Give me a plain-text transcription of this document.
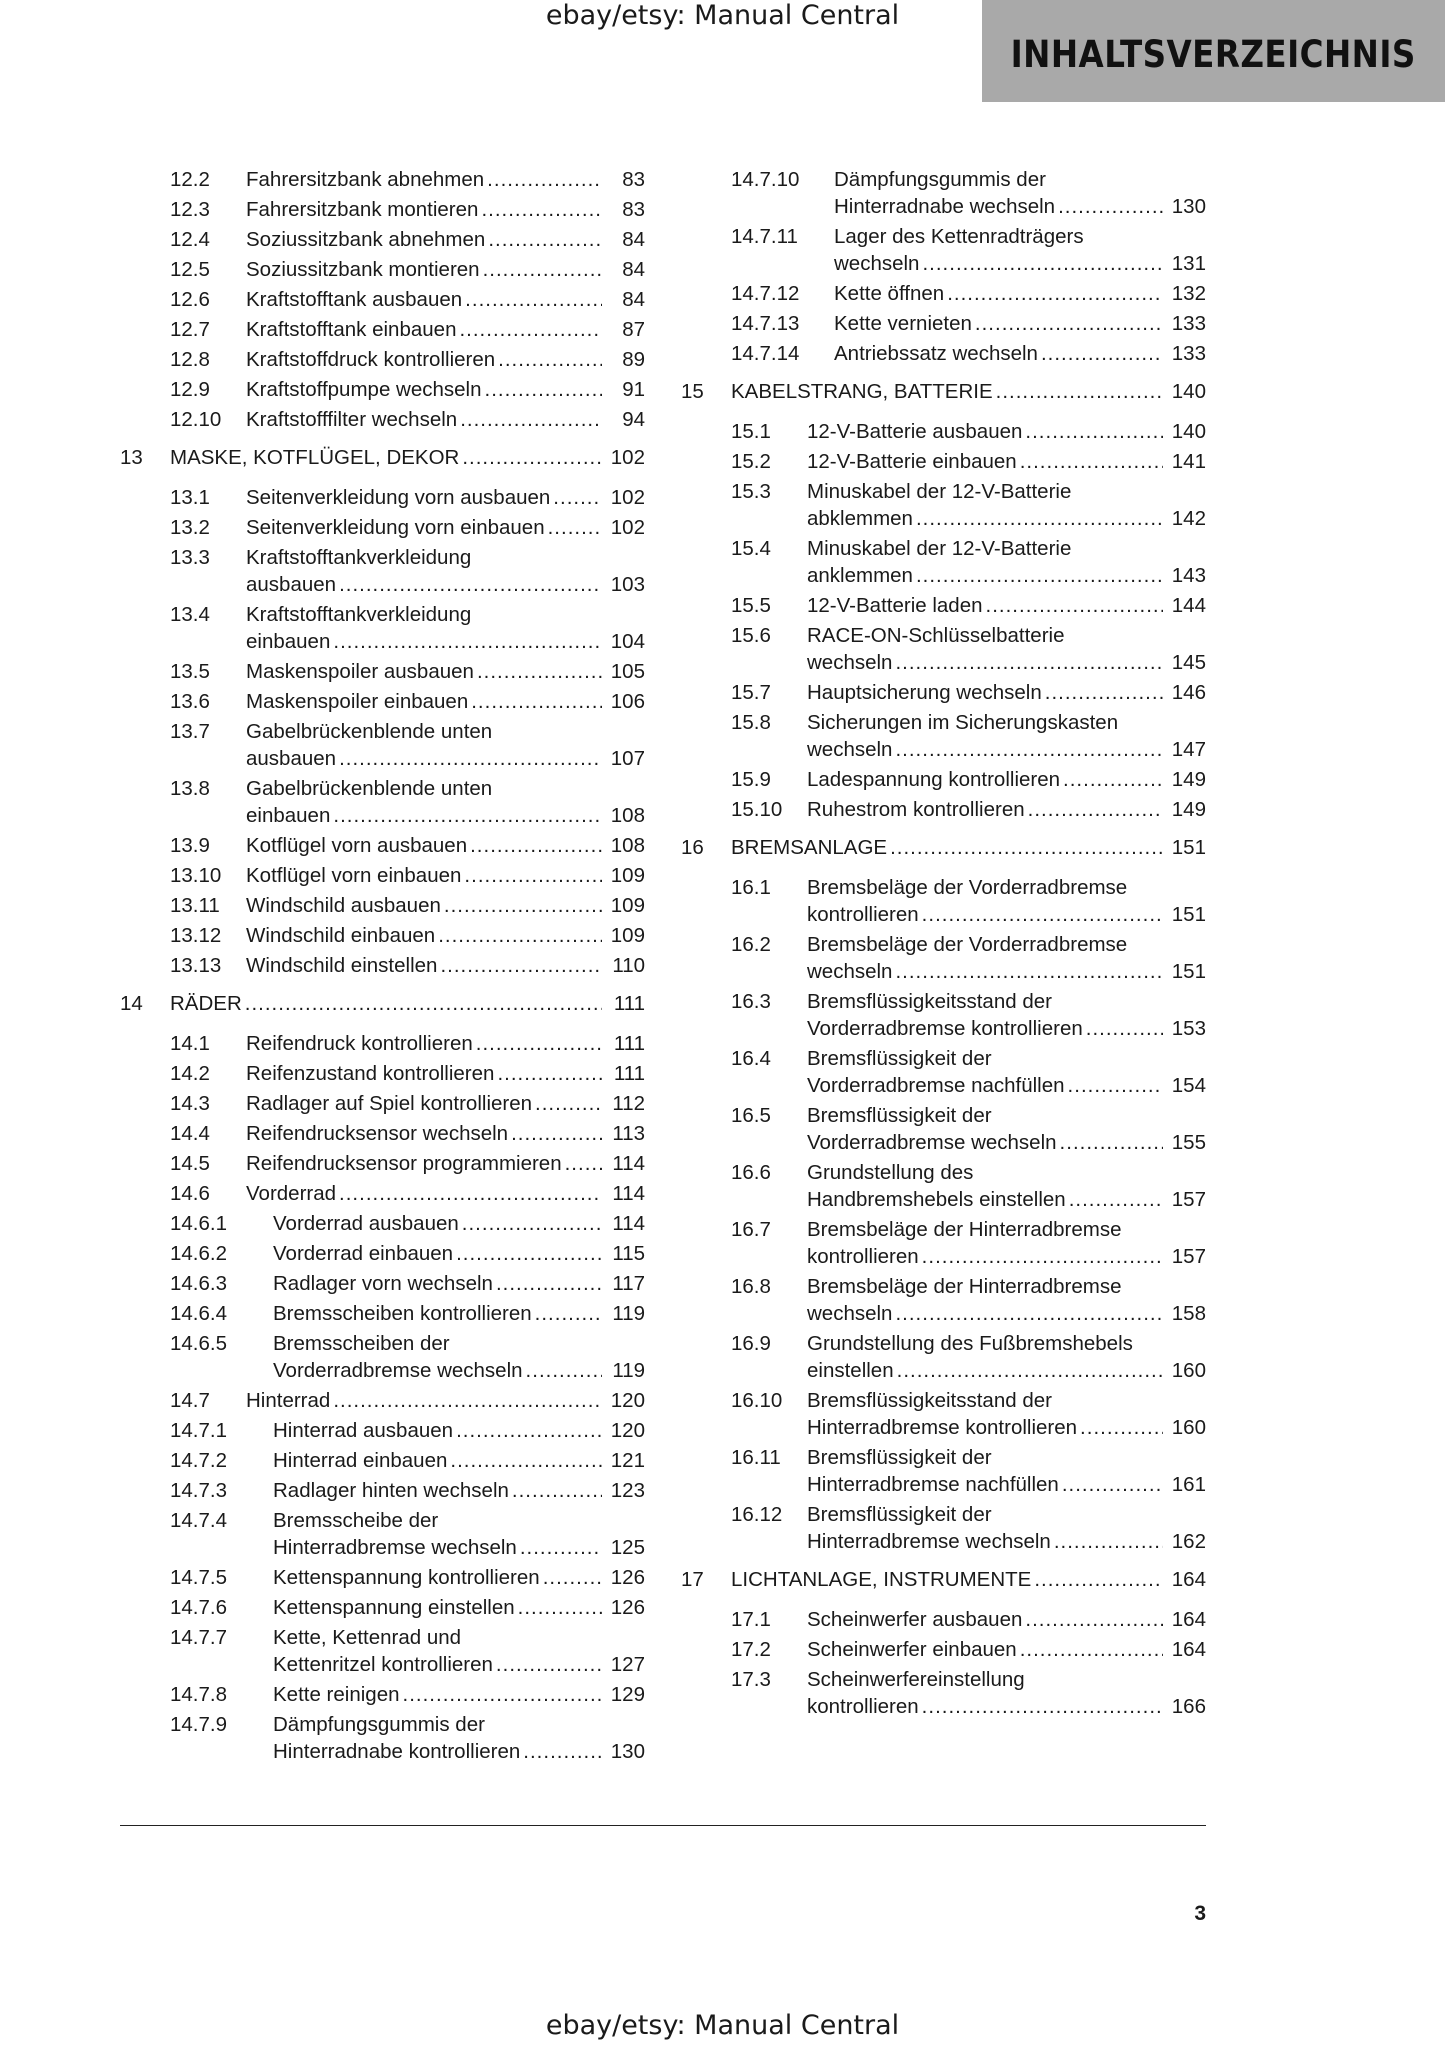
ebay/etsy: Manual Central
INHALTSVERZEICHNIS
12.2	Fahrersitzbank abnehmen .....	83
12.3	Fahrersitzbank montieren .....	83
12.4	Soziussitzbank abnehmen .....	84
12.5	Soziussitzbank montieren .....	84
12.6	Kraftstofftank ausbauen .....	84
12.7	Kraftstofftank einbauen .....	87
12.8	Kraftstoffdruck kontrollieren .....	89
12.9	Kraftstoffpumpe wechseln .....	91
12.10	Kraftstofffilter wechseln .....	94
13	MASKE, KOTFLÜGEL, DEKOR .....	102
13.1	Seitenverkleidung vorn ausbauen .....	102
13.2	Seitenverkleidung vorn einbauen .....	102
13.3	Kraftstofftankverkleidung
ausbauen .....	103
13.4	Kraftstofftankverkleidung
einbauen .....	104
13.5	Maskenspoiler ausbauen .....	105
13.6	Maskenspoiler einbauen .....	106
13.7	Gabelbrückenblende unten
ausbauen .....	107
13.8	Gabelbrückenblende unten
einbauen .....	108
13.9	Kotflügel vorn ausbauen .....	108
13.10	Kotflügel vorn einbauen .....	109
13.11	Windschild ausbauen .....	109
13.12	Windschild einbauen .....	109
13.13	Windschild einstellen .....	110
14	RÄDER .....	111
14.1	Reifendruck kontrollieren .....	111
14.2	Reifenzustand kontrollieren .....	111
14.3	Radlager auf Spiel kontrollieren .....	112
14.4	Reifendrucksensor wechseln .....	113
14.5	Reifendrucksensor programmieren .....	114
14.6	Vorderrad .....	114
14.6.1	Vorderrad ausbauen .....	114
14.6.2	Vorderrad einbauen .....	115
14.6.3	Radlager vorn wechseln .....	117
14.6.4	Bremsscheiben kontrollieren .....	119
14.6.5	Bremsscheiben der
Vorderradbremse wechseln .....	119
14.7	Hinterrad .....	120
14.7.1	Hinterrad ausbauen .....	120
14.7.2	Hinterrad einbauen .....	121
14.7.3	Radlager hinten wechseln .....	123
14.7.4	Bremsscheibe der
Hinterradbremse wechseln .....	125
14.7.5	Kettenspannung kontrollieren .....	126
14.7.6	Kettenspannung einstellen .....	126
14.7.7	Kette, Kettenrad und
Kettenritzel kontrollieren .....	127
14.7.8	Kette reinigen .....	129
14.7.9	Dämpfungsgummis der
Hinterradnabe kontrollieren .....	130
14.7.10	Dämpfungsgummis der
Hinterradnabe wechseln .....	130
14.7.11	Lager des Kettenradträgers
wechseln .....	131
14.7.12	Kette öffnen .....	132
14.7.13	Kette vernieten .....	133
14.7.14	Antriebssatz wechseln .....	133
15	KABELSTRANG, BATTERIE .....	140
15.1	12-V-Batterie ausbauen .....	140
15.2	12-V-Batterie einbauen .....	141
15.3	Minuskabel der 12-V-Batterie
abklemmen .....	142
15.4	Minuskabel der 12-V-Batterie
anklemmen .....	143
15.5	12-V-Batterie laden .....	144
15.6	RACE-ON-Schlüsselbatterie
wechseln .....	145
15.7	Hauptsicherung wechseln .....	146
15.8	Sicherungen im Sicherungskasten
wechseln .....	147
15.9	Ladespannung kontrollieren .....	149
15.10	Ruhestrom kontrollieren .....	149
16	BREMSANLAGE .....	151
16.1	Bremsbeläge der Vorderradbremse
kontrollieren .....	151
16.2	Bremsbeläge der Vorderradbremse
wechseln .....	151
16.3	Bremsflüssigkeitsstand der
Vorderradbremse kontrollieren .....	153
16.4	Bremsflüssigkeit der
Vorderradbremse nachfüllen .....	154
16.5	Bremsflüssigkeit der
Vorderradbremse wechseln .....	155
16.6	Grundstellung des
Handbremshebels einstellen .....	157
16.7	Bremsbeläge der Hinterradbremse
kontrollieren .....	157
16.8	Bremsbeläge der Hinterradbremse
wechseln .....	158
16.9	Grundstellung des Fußbremshebels
einstellen .....	160
16.10	Bremsflüssigkeitsstand der
Hinterradbremse kontrollieren .....	160
16.11	Bremsflüssigkeit der
Hinterradbremse nachfüllen .....	161
16.12	Bremsflüssigkeit der
Hinterradbremse wechseln .....	162
17	LICHTANLAGE, INSTRUMENTE .....	164
17.1	Scheinwerfer ausbauen .....	164
17.2	Scheinwerfer einbauen .....	164
17.3	Scheinwerfereinstellung
kontrollieren .....	166
3
ebay/etsy: Manual Central
